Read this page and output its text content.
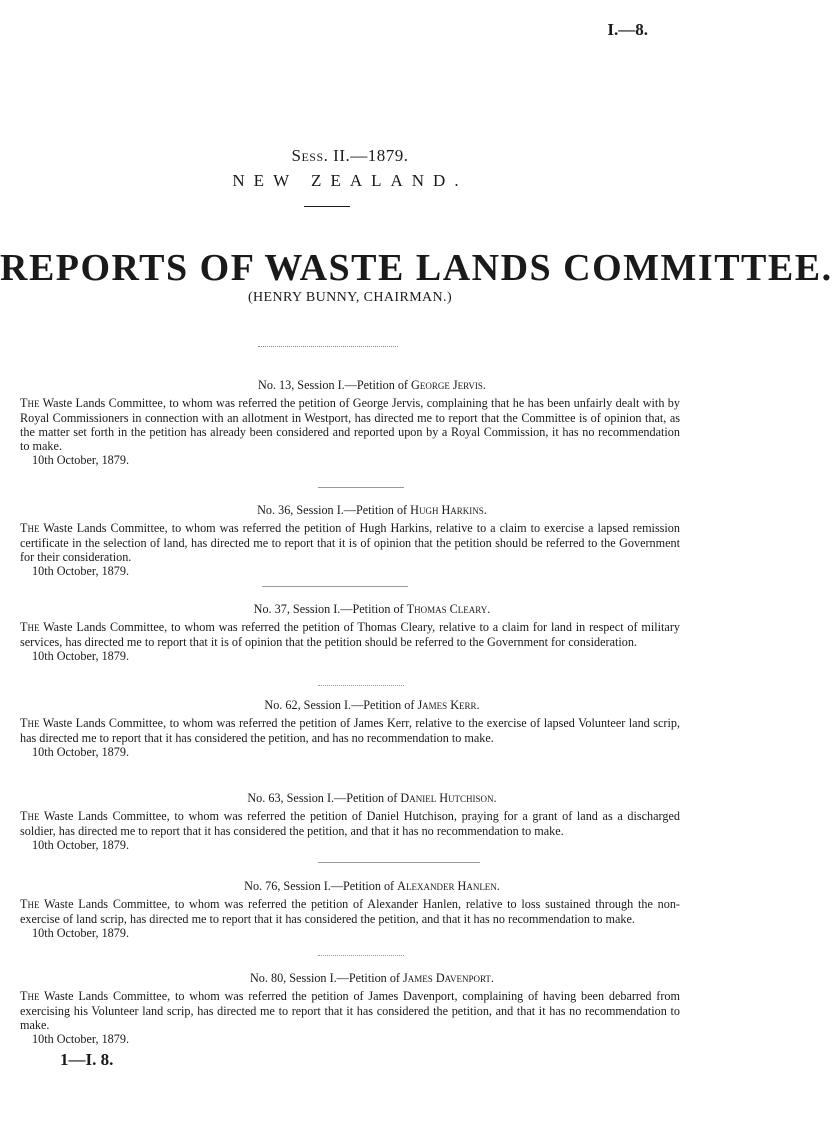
I.—8.
Sess. II.—1879.
NEW ZEALAND.
REPORTS OF WASTE LANDS COMMITTEE.
(HENRY BUNNY, CHAIRMAN.)
No. 13, Session I.—Petition of George Jervis.
The Waste Lands Committee, to whom was referred the petition of George Jervis, complaining that he has been unfairly dealt with by Royal Commissioners in connection with an allotment in Westport, has directed me to report that the Committee is of opinion that, as the matter set forth in the petition has already been considered and reported upon by a Royal Commission, it has no recommendation to make.
10th October, 1879.
No. 36, Session I.—Petition of Hugh Harkins.
The Waste Lands Committee, to whom was referred the petition of Hugh Harkins, relative to a claim to exercise a lapsed remission certificate in the selection of land, has directed me to report that it is of opinion that the petition should be referred to the Government for their consideration.
10th October, 1879.
No. 37, Session I.—Petition of Thomas Cleary.
The Waste Lands Committee, to whom was referred the petition of Thomas Cleary, relative to a claim for land in respect of military services, has directed me to report that it is of opinion that the petition should be referred to the Government for consideration.
10th October, 1879.
No. 62, Session I.—Petition of James Kerr.
The Waste Lands Committee, to whom was referred the petition of James Kerr, relative to the exercise of lapsed Volunteer land scrip, has directed me to report that it has considered the petition, and has no recommendation to make.
10th October, 1879.
No. 63, Session I.—Petition of Daniel Hutchison.
The Waste Lands Committee, to whom was referred the petition of Daniel Hutchison, praying for a grant of land as a discharged soldier, has directed me to report that it has considered the petition, and that it has no recommendation to make.
10th October, 1879.
No. 76, Session I.—Petition of Alexander Hanlen.
The Waste Lands Committee, to whom was referred the petition of Alexander Hanlen, relative to loss sustained through the non-exercise of land scrip, has directed me to report that it has considered the petition, and that it has no recommendation to make.
10th October, 1879.
No. 80, Session I.—Petition of James Davenport.
The Waste Lands Committee, to whom was referred the petition of James Davenport, complaining of having been debarred from exercising his Volunteer land scrip, has directed me to report that it has considered the petition, and that it has no recommendation to make.
10th October, 1879.
1—I. 8.
